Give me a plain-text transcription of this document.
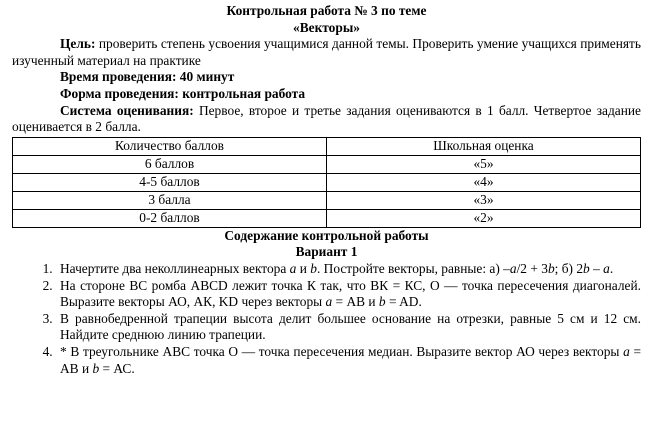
Контрольная работа № 3 по теме
«Векторы»
Цель: проверить степень усвоения учащимися данной темы. Проверить умение учащихся применять изученный материал на практике
Время проведения: 40 минут
Форма проведения: контрольная работа
Система оценивания: Первое, второе и третье задания оцениваются в 1 балл. Четвертое задание оценивается в 2 балла.
Количество баллов	Школьная оценка
6 баллов	«5»
4-5 баллов	«4»
3 балла	«3»
0-2 баллов	«2»
Содержание контрольной работы
Вариант 1
1. Начертите два неколлинеарных вектора a и b. Постройте векторы, равные: а) –a/2 + 3b; б) 2b – a.
2. На стороне ВС ромба ABCD лежит точка К так, что ВК = КС, О — точка пересечения диагоналей. Выразите векторы АО, АК, KD через векторы a = АВ и b = AD.
3. В равнобедренной трапеции высота делит большее основание на отрезки, равные 5 см и 12 см. Найдите среднюю линию трапеции.
4. * В треугольнике ABC точка О — точка пересечения медиан. Выразите вектор АО через векторы a = АВ и b = АС.
